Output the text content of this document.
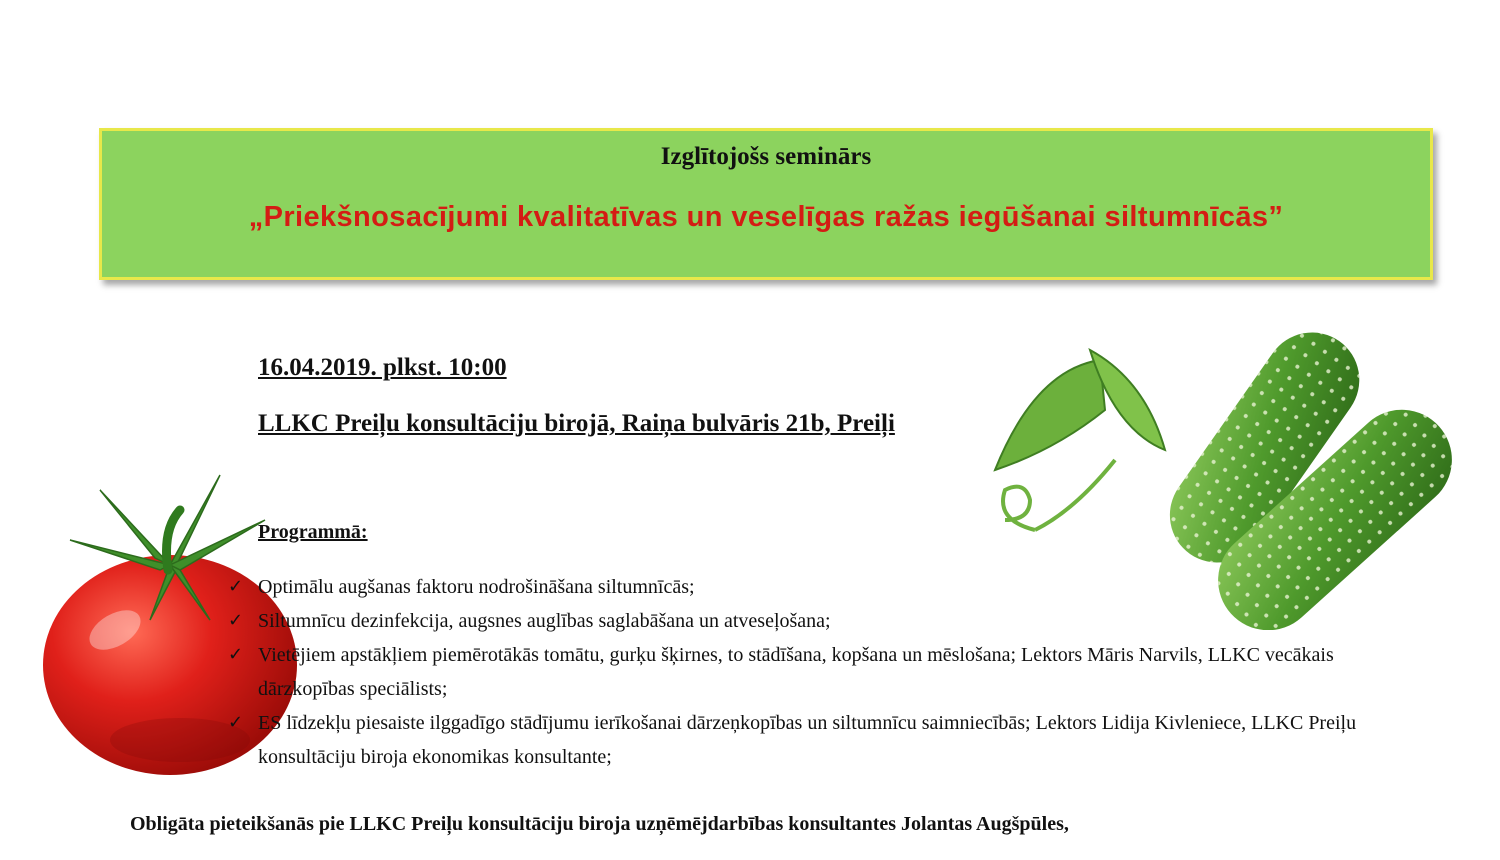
Izglītojošs seminārs
„Priekšnosacījumi kvalitatīvas un veselīgas ražas iegūšanai siltumnīcās”
16.04.2019. plkst. 10:00
LLKC Preiļu konsultāciju birojā, Raiņa bulvāris 21b, Preiļi
Programmā:
✓ Optimālu augšanas faktoru nodrošināšana siltumnīcās;
✓ Siltumnīcu dezinfekcija, augsnes auglības saglabāšana un atveseļošana;
✓ Vietējiem apstākļiem piemērotākās tomātu, gurķu šķirnes, to stādīšana, kopšana un mēslošana; Lektors Māris Narvils, LLKC vecākais dārzkopības speciālists;
✓ ES līdzekļu piesaiste ilggadīgo stādījumu ierīkošanai dārzeņkopības un siltumnīcu saimniecībās; Lektors Lidija Kivleniece, LLKC Preiļu konsultāciju biroja ekonomikas konsultante;
Obligāta pieteikšanās pie LLKC Preiļu konsultāciju biroja uzņēmējdarbības konsultantes Jolantas Augšpūles,
